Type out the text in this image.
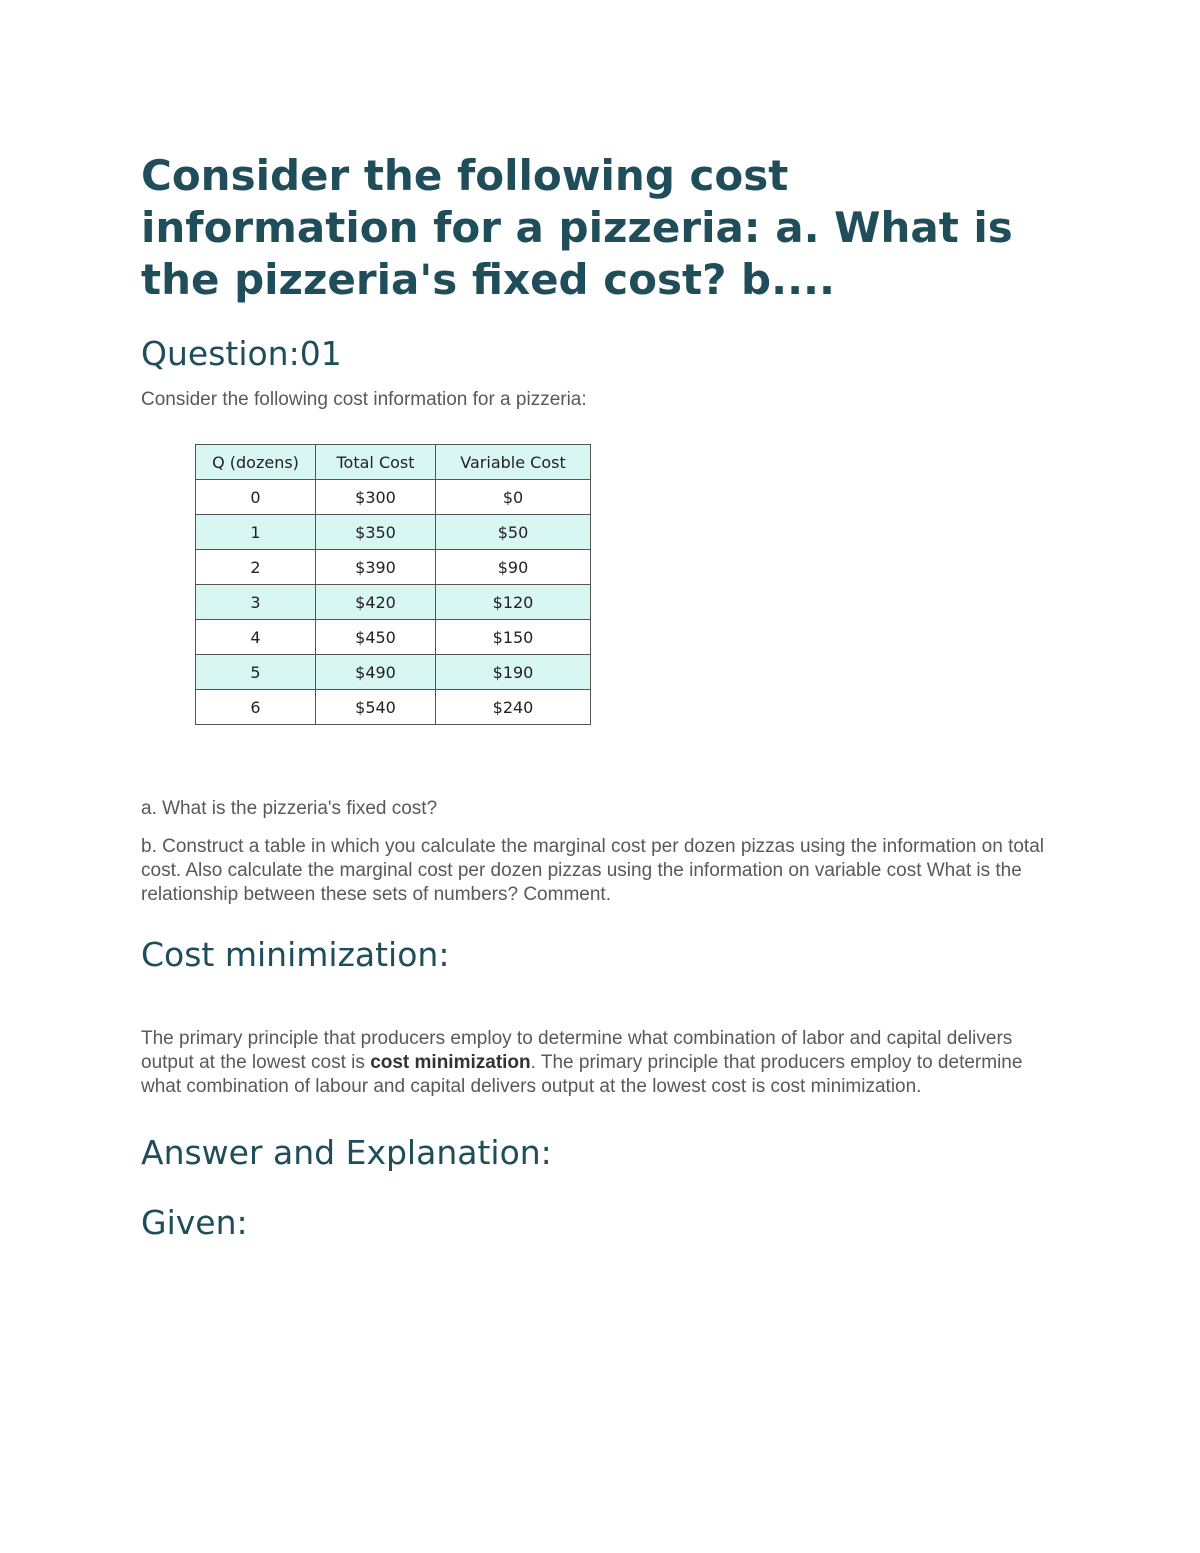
Consider the following cost information for a pizzeria: a. What is the pizzeria's fixed cost? b....
Question:01

Consider the following cost information for a pizzeria:

Q (dozens)	Total Cost	Variable Cost
0	$300	$0
1	$350	$50
2	$390	$90
3	$420	$120
4	$450	$150
5	$490	$190
6	$540	$240

a. What is the pizzeria's fixed cost?

b. Construct a table in which you calculate the marginal cost per dozen pizzas using the information on total cost. Also calculate the marginal cost per dozen pizzas using the information on variable cost What is the relationship between these sets of numbers? Comment.

Cost minimization:

The primary principle that producers employ to determine what combination of labor and capital delivers output at the lowest cost is cost minimization. The primary principle that producers employ to determine what combination of labour and capital delivers output at the lowest cost is cost minimization.

Answer and Explanation:
Given:
